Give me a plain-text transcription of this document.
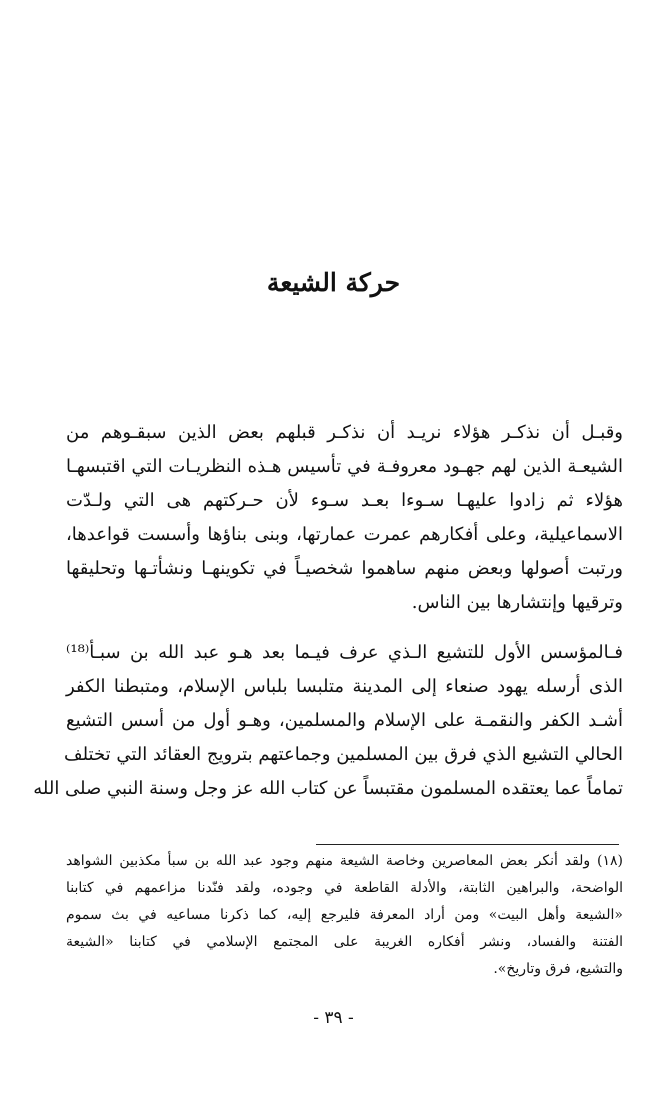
حركة الشيعة
وقبـل أن نذكـر هؤلاء نريـد أن نذكـر قبلهم بعض الذين سبقـوهم من
الشيعـة الذين لهم جهـود معروفـة في تأسيس هـذه النظريـات التي اقتبسهـا
هؤلاء ثم زادوا عليهـا سـوءا بعـد سـوء لأن حـركتهم هى التي ولـدّت
الاسماعيلية، وعلى أفكارهم عمرت عمارتها، وبنى بناؤها وأسست قواعدها،
ورتبت أصولها وبعض منهم ساهموا شخصيـاً في تكوينهـا ونشأتـها وتحليقها
وترقيها وإنتشارها بين الناس.
فـالمؤسس الأول للتشيع الـذي عرف فيـما بعد هـو عبد الله بن سبـأ⁽¹⁸⁾
الذى أرسله يهود صنعاء إلى المدينة متلبسا بلباس الإسلام، ومتبطنا الكفر
أشـد الكفر والنقمـة على الإسلام والمسلمين، وهـو أول من أسس التشيع
الحالي التشيع الذي فرق بين المسلمين وجماعتهم بترويج العقائد التي تختلف
تماماً عما يعتقده المسلمون مقتبساً عن كتاب الله عز وجل وسنة النبي صلى الله
(١٨) ولقد أنكر بعض المعاصرين وخاصة الشيعة منهم وجود عبد الله بن سبأ مكذبين الشواهد
الواضحة، والبراهين الثابتة، والأدلة القاطعة في وجوده، ولقد فنّدنا مزاعمهم في كتابنا
«الشيعة وأهل البيت» ومن أراد المعرفة فليرجع إليه، كما ذكرنا مساعيه في بث سموم
الفتنة والفساد، ونشر أفكاره الغريبة على المجتمع الإسلامي في كتابنا «الشيعة
والتشيع، فرق وتاريخ».
- ٣٩ -
